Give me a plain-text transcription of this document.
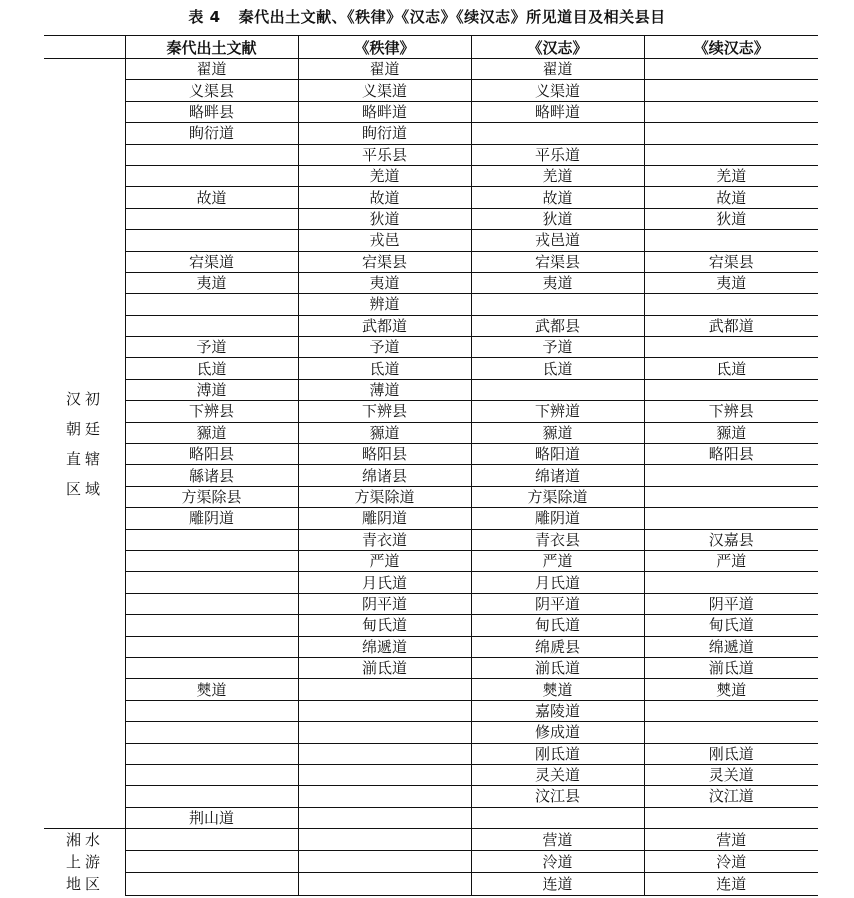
表 4 秦代出土文献、《秩律》《汉志》《续汉志》所见道目及相关县目
	秦代出土文献	《秩律》	《汉志》	《续汉志》

汉初
朝廷
直辖
区域	翟道	翟道	翟道	
	义渠县	义渠道	义渠道	
	略畔县	略畔道	略畔道	
	眴衍道	眴衍道		
		平乐县	平乐道	
		羌道	羌道	羌道
	故道	故道	故道	故道
		狄道	狄道	狄道
		戎邑	戎邑道	
	宕渠道	宕渠县	宕渠县	宕渠县
	夷道	夷道	夷道	夷道
		辨道		
		武都道	武都县	武都道
	予道	予道	予道	
	氐道	氐道	氐道	氐道
	溥道	薄道		
	下辨县	下辨县	下辨道	下辨县
	豲道	豲道	豲道	豲道
	略阳县	略阳县	略阳道	略阳县
	緜诸县	绵诸县	绵诸道	
	方渠除县	方渠除道	方渠除道	
	雕阴道	雕阴道	雕阴道	
		青衣道	青衣县	汉嘉县
		严道	严道	严道
		月氏道	月氏道	
		阴平道	阴平道	阴平道
		甸氏道	甸氏道	甸氏道
		绵遞道	绵虒县	绵遞道
		湔氐道	湔氐道	湔氐道
	僰道		僰道	僰道
			嘉陵道	
			修成道	
			刚氐道	刚氐道
			灵关道	灵关道
			汶江县	汶江道
	荆山道			

湘水
上游
地区			营道	营道
			泠道	泠道
			连道	连道
